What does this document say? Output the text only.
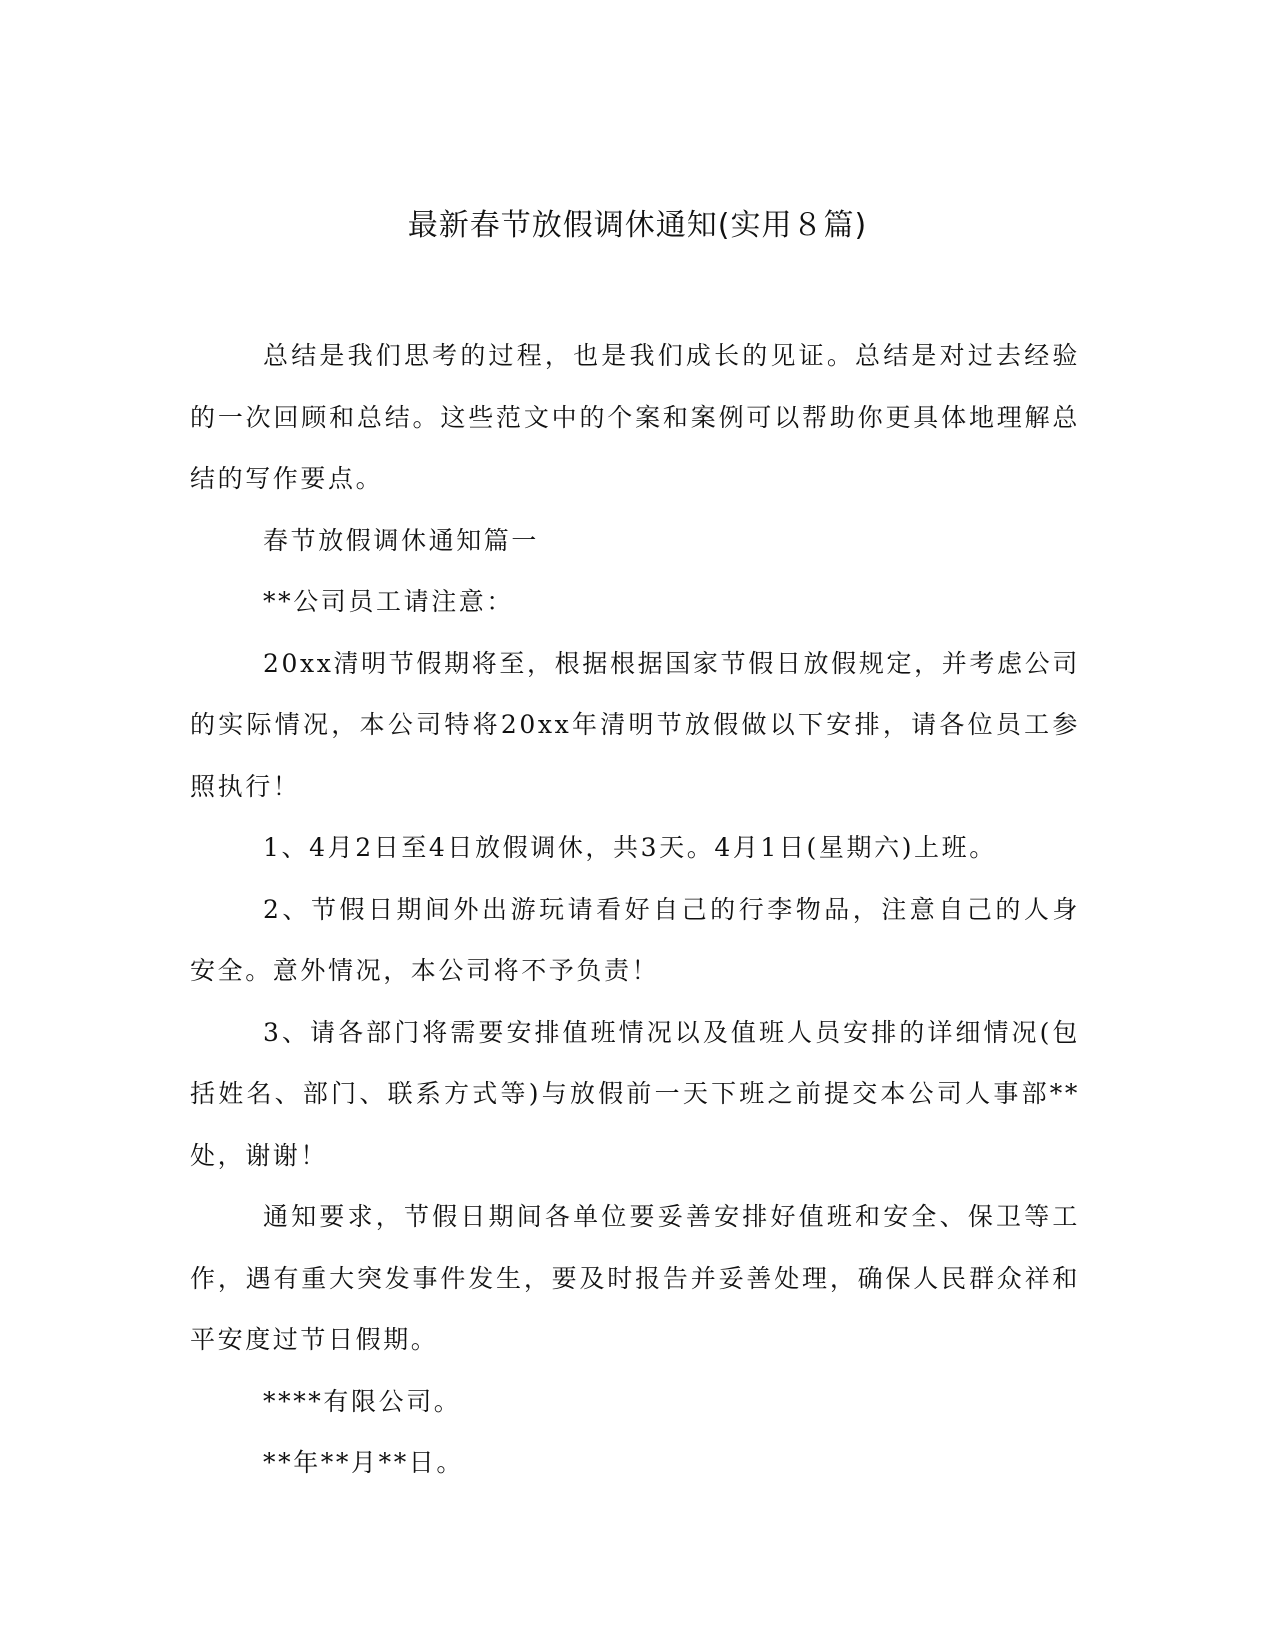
最新春节放假调休通知(实用８篇)

总结是我们思考的过程，也是我们成长的见证。总结是对过去经验的一次回顾和总结。这些范文中的个案和案例可以帮助你更具体地理解总结的写作要点。

春节放假调休通知篇一

**公司员工请注意：

20xx清明节假期将至，根据根据国家节假日放假规定，并考虑公司的实际情况，本公司特将20xx年清明节放假做以下安排，请各位员工参照执行！

1、4月2日至4日放假调休，共3天。4月1日(星期六)上班。

2、节假日期间外出游玩请看好自己的行李物品，注意自己的人身安全。意外情况，本公司将不予负责！

3、请各部门将需要安排值班情况以及值班人员安排的详细情况(包括姓名、部门、联系方式等)与放假前一天下班之前提交本公司人事部**处，谢谢！

通知要求，节假日期间各单位要妥善安排好值班和安全、保卫等工作，遇有重大突发事件发生，要及时报告并妥善处理，确保人民群众祥和平安度过节日假期。

****有限公司。

**年**月**日。
